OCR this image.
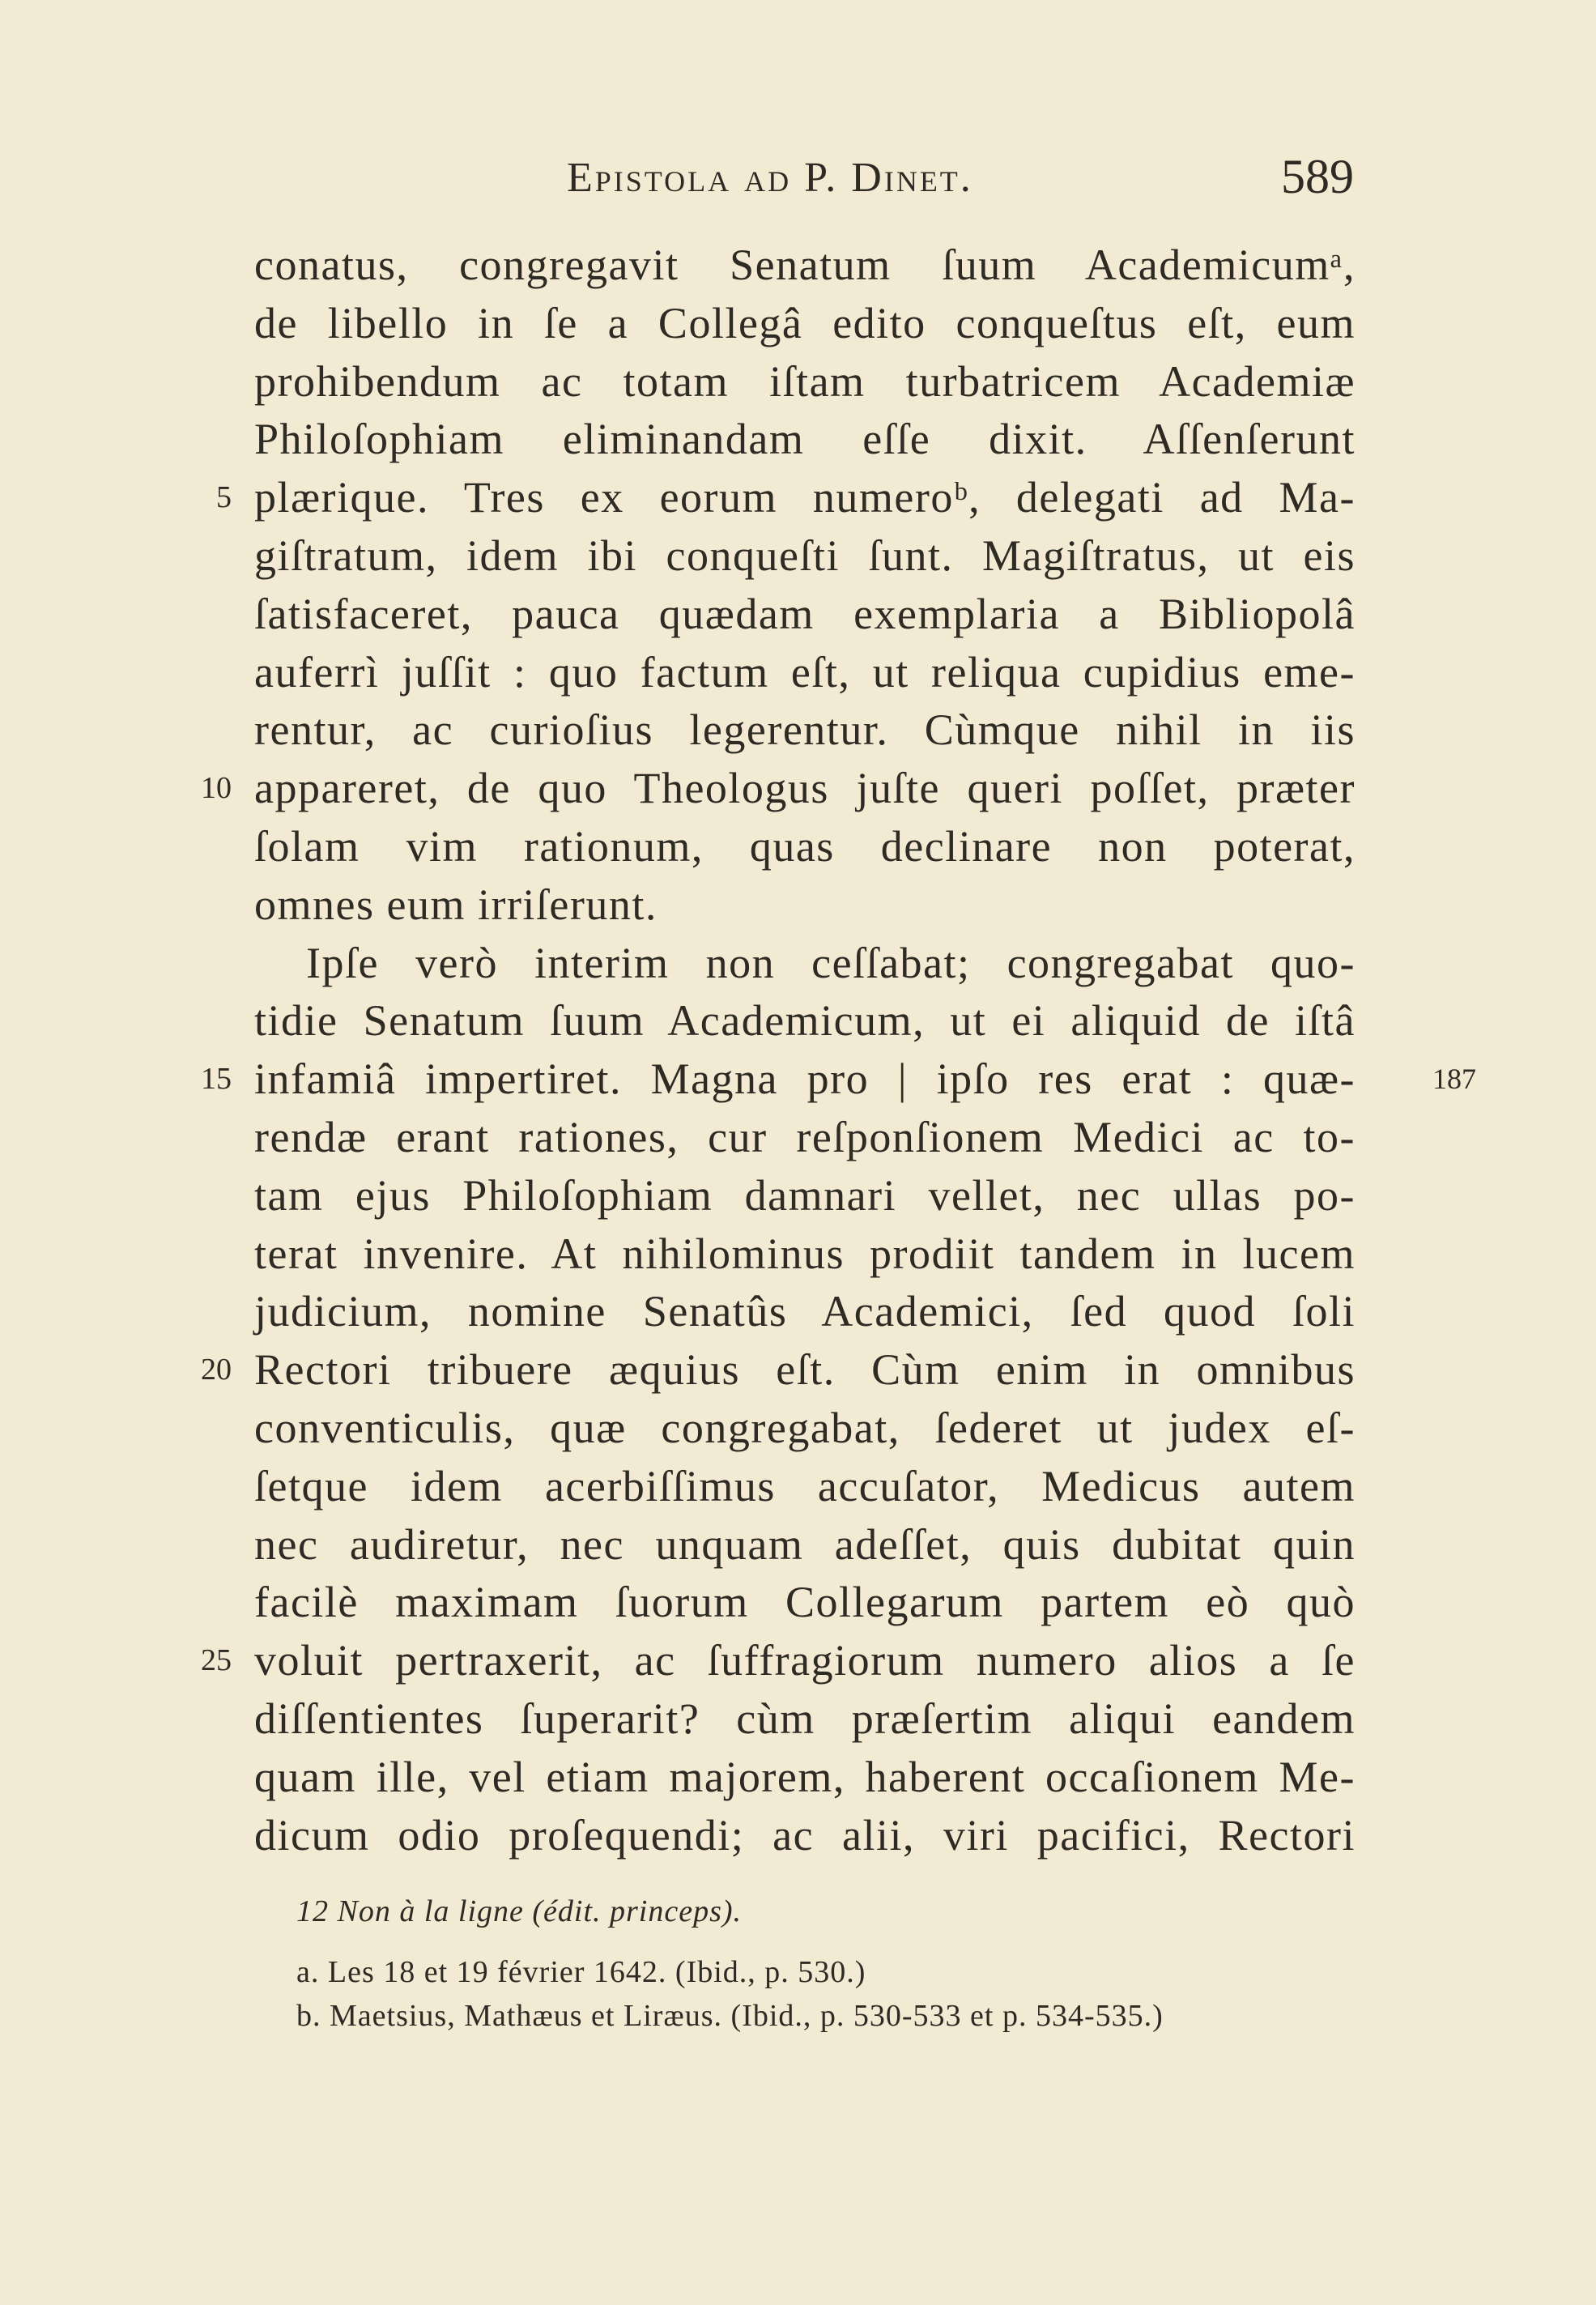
Epistola ad P. Dinet.	589
conatus, congregavit Senatum ſuum Academicumᵃ,
de libello in ſe a Collegâ edito conqueſtus eſt, eum
prohibendum ac totam iſtam turbatricem Academiæ
Philoſophiam eliminandam eſſe dixit. Aſſenſerunt
plærique. Tres ex eorum numeroᵇ, delegati ad Ma-
5
giſtratum, idem ibi conqueſti ſunt. Magiſtratus, ut eis
ſatisfaceret, pauca quædam exemplaria a Bibliopolâ
auferrì juſſit : quo factum eſt, ut reliqua cupidius eme-
rentur, ac curioſius legerentur. Cùmque nihil in iis
appareret, de quo Theologus juſte queri poſſet, præter
10
ſolam vim rationum, quas declinare non poterat,
omnes eum irriſerunt.
Ipſe verò interim non ceſſabat; congregabat quo-
tidie Senatum ſuum Academicum, ut ei aliquid de iſtâ
infamiâ impertiret. Magna pro | ipſo res erat : quæ-
15	187
rendæ erant rationes, cur reſponſionem Medici ac to-
tam ejus Philoſophiam damnari vellet, nec ullas po-
terat invenire. At nihilominus prodiit tandem in lucem
judicium, nomine Senatûs Academici, ſed quod ſoli
Rectori tribuere æquius eſt. Cùm enim in omnibus
20
conventiculis, quæ congregabat, ſederet ut judex eſ-
ſetque idem acerbiſſimus accuſator, Medicus autem
nec audiretur, nec unquam adeſſet, quis dubitat quin
facilè maximam ſuorum Collegarum partem eò quò
voluit pertraxerit, ac ſuffragiorum numero alios a ſe
25
diſſentientes ſuperarit? cùm præſertim aliqui eandem
quam ille, vel etiam majorem, haberent occaſionem Me-
dicum odio proſequendi; ac alii, viri pacifici, Rectori
12 Non à la ligne (édit. princeps).
a. Les 18 et 19 février 1642. (Ibid., p. 530.)
b. Maetsius, Mathæus et Liræus. (Ibid., p. 530-533 et p. 534-535.)
